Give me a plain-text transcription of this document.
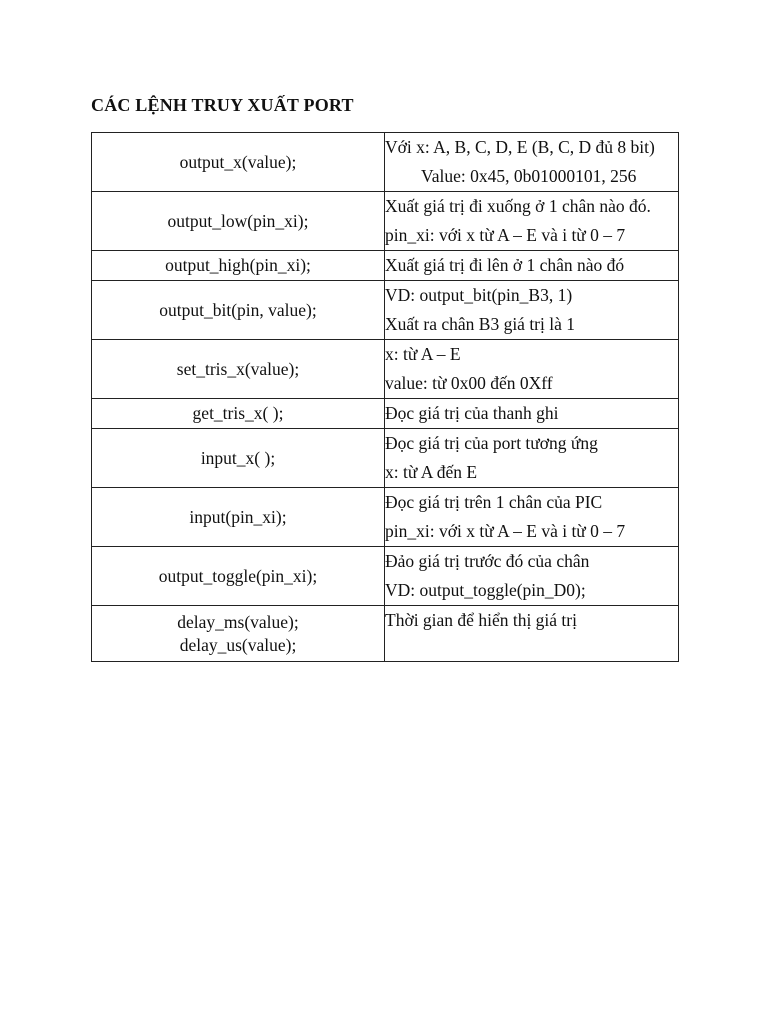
CÁC LỆNH TRUY XUẤT PORT
output_x(value);	Với x: A, B, C, D, E (B, C, D đủ 8 bit)
Value: 0x45, 0b01000101, 256

output_low(pin_xi);	Xuất giá trị đi xuống ở 1 chân nào đó.
pin_xi: với x từ A – E và i từ 0 – 7

output_high(pin_xi);	Xuất giá trị đi lên ở 1 chân nào đó

output_bit(pin, value);	VD: output_bit(pin_B3, 1)
Xuất ra chân B3 giá trị là 1

set_tris_x(value);	x: từ A – E
value: từ 0x00 đến 0Xff

get_tris_x( );	Đọc giá trị của thanh ghi

input_x( );	Đọc giá trị của port tương ứng
x: từ A đến E

input(pin_xi);	Đọc giá trị trên 1 chân của PIC
pin_xi: với x từ A – E và i từ 0 – 7

output_toggle(pin_xi);	Đảo giá trị trước đó của chân
VD: output_toggle(pin_D0);

delay_ms(value);
delay_us(value);	Thời gian để hiển thị giá trị
